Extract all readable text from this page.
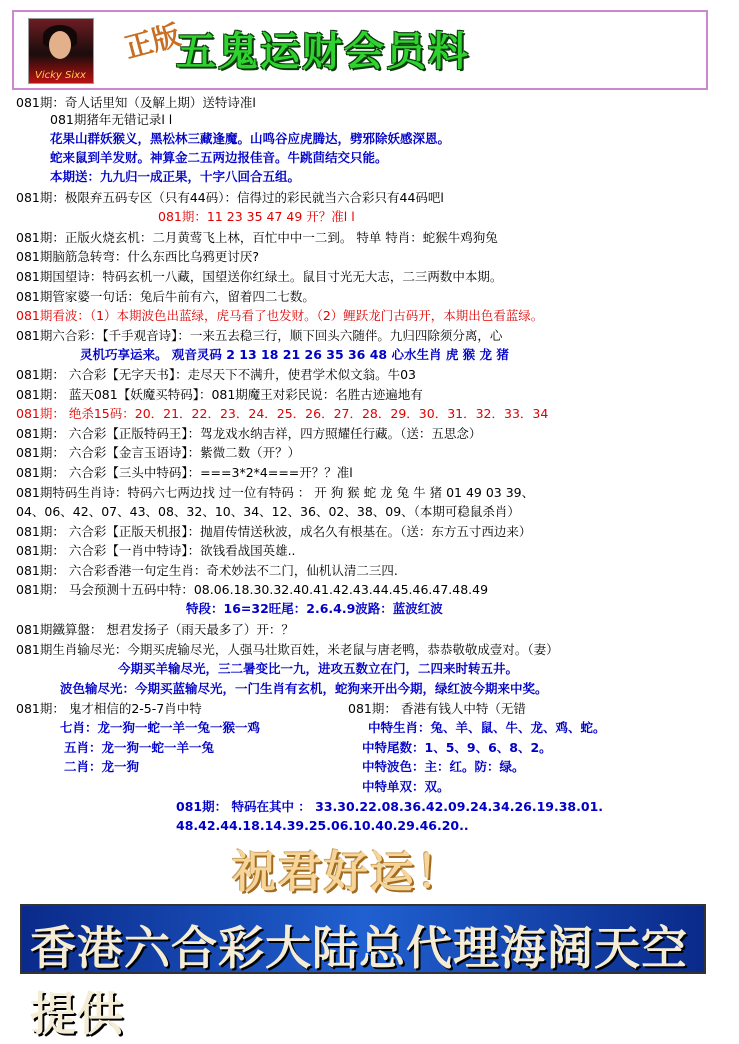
Vicky Sixx
正版
五鬼运财会员料
081期：奇人话里知（及解上期）送特诗准l
081期猪年无错记录l l
花果山群妖猴义，黑松林三藏逢魔。山鸣谷应虎腾达，劈邪除妖感深恩。
蛇来鼠到羊发财。神算金二五两边报佳音。牛跳茴结交只能。
本期送：九九归一成正果，十字八回合五组。
081期：极限弃五码专区（只有44码）：信得过的彩民就当六合彩只有44码吧l
081期：11 23 35 47 49 开？准l l
081期：正版火烧玄机：二月黄莺飞上林，百忙中中一二到。 特单 特肖：蛇猴牛鸡狗兔
081期脑筋急转弯：什么东西比乌鸦更讨厌?
081期国望诗：特码玄机一八藏，国望送你红绿土。鼠目寸光无大志，二三两数中本期。
081期管家婆一句话：兔后牛前有六，留着四二七数。
081期看波：（1）本期波色出蓝绿，虎马看了也发财。（2）鲤跃龙门古码开，本期出色看蓝绿。
081期六合彩：【千手观音诗】：一来五去稳三行，顺下回头六随伴。九归四除须分离，心
灵机巧享运来。 观音灵码 2 13 18 21 26 35 36 48 心水生肖 虎 猴 龙 猪
081期： 六合彩【无字天书】：走尽天下不满升，使君学术似文翁。牛03
081期： 蓝天081【妖魔买特码】：081期魔王对彩民说：名胜古迹遍地有
081期： 绝杀15码：20．21．22．23．24．25．26．27．28．29．30．31．32．33．34
081期： 六合彩【正版特码王】：驾龙戏水纳吉祥，四方照耀任行藏。（送：五思念）
081期： 六合彩【金言玉语诗】：紫微二数（开？）
081期： 六合彩【三头中特码】：===3*2*4===开？？准l
081期特码生肖诗：特码六七两边找 过一位有特码 ： 开 狗 猴 蛇 龙 兔 牛 猪 01 49 03 39、
04、06、42、07、43、08、32、10、34、12、36、02、38、09、（本期可稳鼠杀肖）
081期： 六合彩【正版天机报】：抛眉传情送秋波，成名久有根基在。（送：东方五寸西边来）
081期： 六合彩【一肖中特诗】：欲钱看战国英雄..
081期： 六合彩香港一句定生肖：奇术妙法不二门，仙机认清二三四.
081期： 马会预测十五码中特：08.06.18.30.32.40.41.42.43.44.45.46.47.48.49
特段：16=32旺尾：2.6.4.9波路：蓝波红波
081期鐵算盤： 想君发扬子（雨天最多了）开：？
081期生肖输尽光：今期买虎输尽光，人强马壮欺百姓，米老鼠与唐老鸭，恭恭敬敬成壹对。（妻）
今期买羊输尽光，三二暑变比一九，进攻五数立在门，二四来时转五井。
波色输尽光：今期买蓝输尽光，一门生肖有玄机，蛇狗来开出今期，绿红波今期来中奖。
081期： 鬼才相信的2-5-7肖中特	081期： 香港有钱人中特（无错
七肖：龙一狗一蛇一羊一兔一猴一鸡	中特生肖：兔、羊、鼠、牛、龙、鸡、蛇。
五肖：龙一狗一蛇一羊一兔	中特尾数：1、5、9、6、8、2。
二肖：龙一狗	中特波色：主：红。防：绿。
中特单双：双。
081期： 特码在其中 ： 33.30.22.08.36.42.09.24.34.26.19.38.01.
48.42.44.18.14.39.25.06.10.40.29.46.20..
祝君好运！
香港六合彩大陆总代理海阔天空提供
